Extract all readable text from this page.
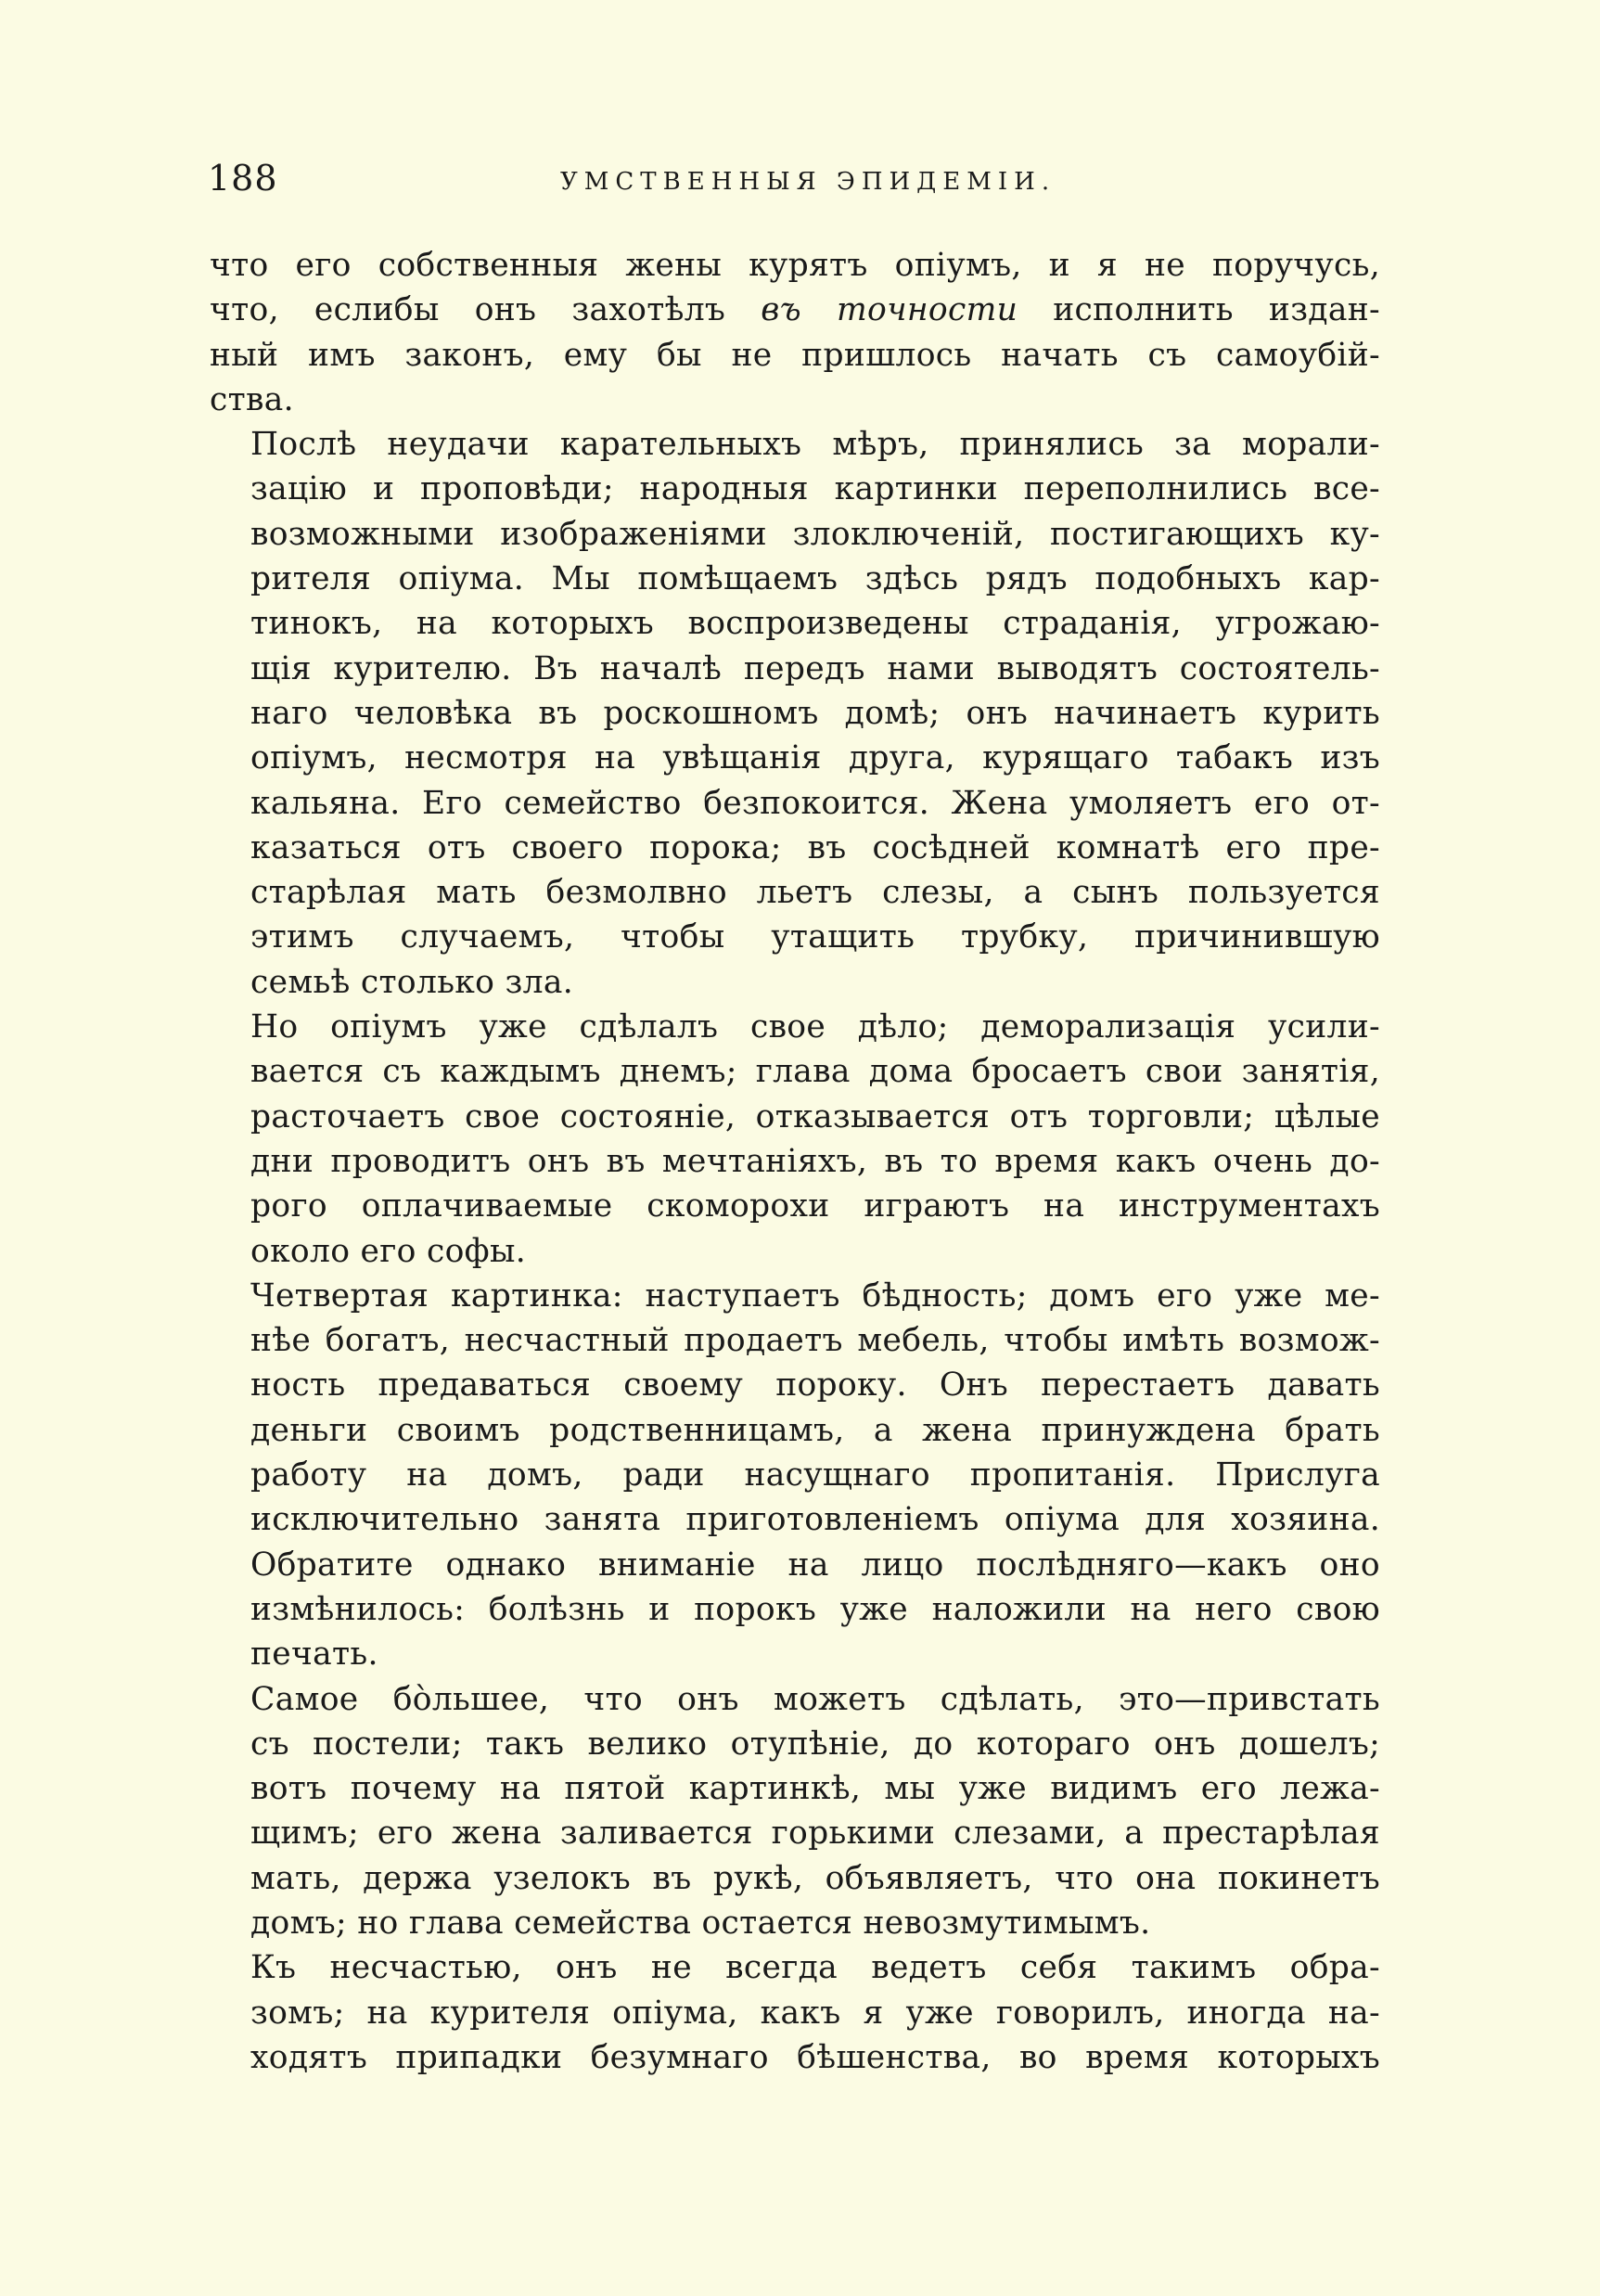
188	УМСТВЕННЫЯ ЭПИДЕМІИ.

что его собственныя жены курятъ опіумъ, и я не поручусь,
что, еслибы онъ захотѣлъ въ точности исполнить издан-
ный имъ законъ, ему бы не пришлось начать съ самоубій-
ства.

Послѣ неудачи карательныхъ мѣръ, принялись за морали-
зацію и проповѣди; народныя картинки переполнились все-
возможными изображеніями злоключеній, постигающихъ ку-
рителя опіума. Мы помѣщаемъ здѣсь рядъ подобныхъ кар-
тинокъ, на которыхъ воспроизведены страданія, угрожаю-
щія курителю. Въ началѣ передъ нами выводятъ состоятель-
наго человѣка въ роскошномъ домѣ; онъ начинаетъ курить
опіумъ, несмотря на увѣщанія друга, курящаго табакъ изъ
кальяна. Его семейство безпокоится. Жена умоляетъ его от-
казаться отъ своего порока; въ сосѣдней комнатѣ его пре-
старѣлая мать безмолвно льетъ слезы, а сынъ пользуется
этимъ случаемъ, чтобы утащить трубку, причинившую
семьѣ столько зла.

Но опіумъ уже сдѣлалъ свое дѣло; деморализація усили-
вается съ каждымъ днемъ; глава дома бросаетъ свои занятія,
расточаетъ свое состояніе, отказывается отъ торговли; цѣлые
дни проводитъ онъ въ мечтаніяхъ, въ то время какъ очень до-
рого оплачиваемые скоморохи играютъ на инструментахъ
около его софы.

Четвертая картинка: наступаетъ бѣдность; домъ его уже ме-
нѣе богатъ, несчастный продаетъ мебель, чтобы имѣть возмож-
ность предаваться своему пороку. Онъ перестаетъ давать
деньги своимъ родственницамъ, а жена принуждена брать
работу на домъ, ради насущнаго пропитанія. Прислуга
исключительно занята приготовленіемъ опіума для хозяина.
Обратите однако вниманіе на лицо послѣдняго—какъ оно
измѣнилось: болѣзнь и порокъ уже наложили на него свою
печать.

Самое бòльшее, что онъ можетъ сдѣлать, это—привстать
съ постели; такъ велико отупѣніе, до котораго онъ дошелъ;
вотъ почему на пятой картинкѣ, мы уже видимъ его лежа-
щимъ; его жена заливается горькими слезами, а престарѣлая
мать, держа узелокъ въ рукѣ, объявляетъ, что она покинетъ
домъ; но глава семейства остается невозмутимымъ.

Къ несчастью, онъ не всегда ведетъ себя такимъ обра-
зомъ; на курителя опіума, какъ я уже говорилъ, иногда на-
ходятъ припадки безумнаго бѣшенства, во время которыхъ
